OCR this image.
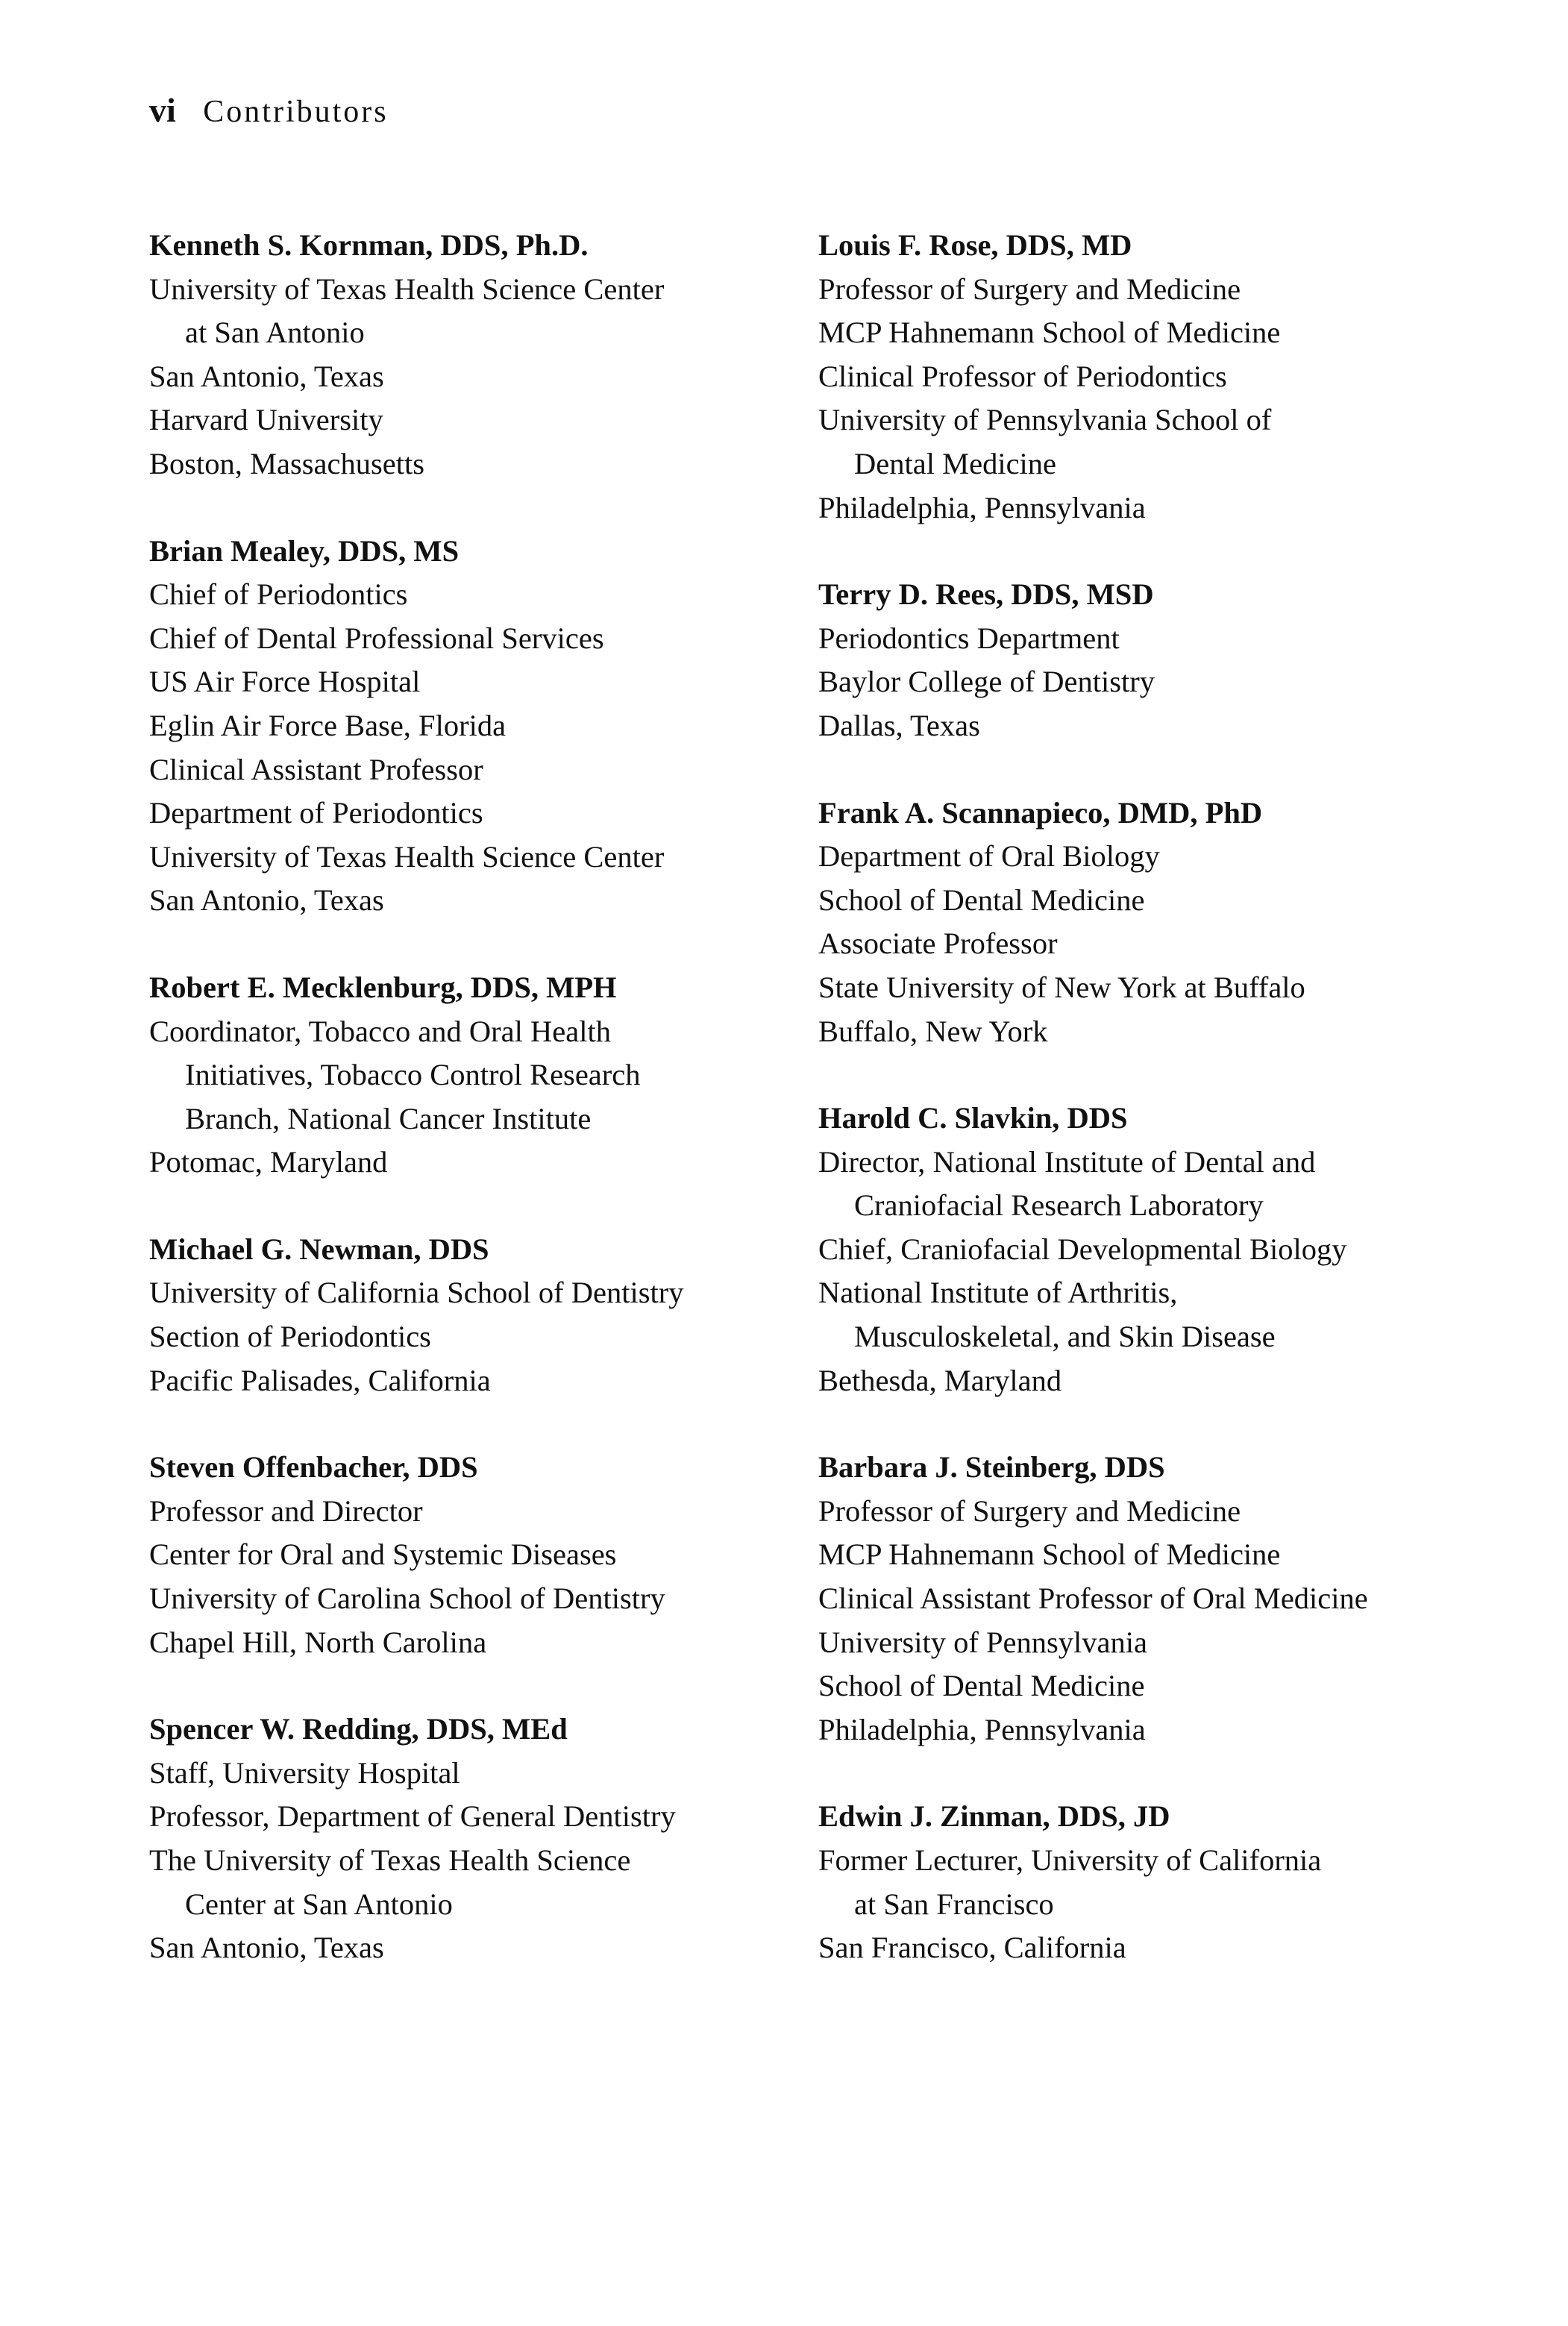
vi Contributors
Kenneth S. Kornman, DDS, Ph.D.
University of Texas Health Science Center
at San Antonio
San Antonio, Texas
Harvard University
Boston, Massachusetts
Brian Mealey, DDS, MS
Chief of Periodontics
Chief of Dental Professional Services
US Air Force Hospital
Eglin Air Force Base, Florida
Clinical Assistant Professor
Department of Periodontics
University of Texas Health Science Center
San Antonio, Texas
Robert E. Mecklenburg, DDS, MPH
Coordinator, Tobacco and Oral Health
Initiatives, Tobacco Control Research
Branch, National Cancer Institute
Potomac, Maryland
Michael G. Newman, DDS
University of California School of Dentistry
Section of Periodontics
Pacific Palisades, California
Steven Offenbacher, DDS
Professor and Director
Center for Oral and Systemic Diseases
University of Carolina School of Dentistry
Chapel Hill, North Carolina
Spencer W. Redding, DDS, MEd
Staff, University Hospital
Professor, Department of General Dentistry
The University of Texas Health Science
Center at San Antonio
San Antonio, Texas
Louis F. Rose, DDS, MD
Professor of Surgery and Medicine
MCP Hahnemann School of Medicine
Clinical Professor of Periodontics
University of Pennsylvania School of
Dental Medicine
Philadelphia, Pennsylvania
Terry D. Rees, DDS, MSD
Periodontics Department
Baylor College of Dentistry
Dallas, Texas
Frank A. Scannapieco, DMD, PhD
Department of Oral Biology
School of Dental Medicine
Associate Professor
State University of New York at Buffalo
Buffalo, New York
Harold C. Slavkin, DDS
Director, National Institute of Dental and
Craniofacial Research Laboratory
Chief, Craniofacial Developmental Biology
National Institute of Arthritis,
Musculoskeletal, and Skin Disease
Bethesda, Maryland
Barbara J. Steinberg, DDS
Professor of Surgery and Medicine
MCP Hahnemann School of Medicine
Clinical Assistant Professor of Oral Medicine
University of Pennsylvania
School of Dental Medicine
Philadelphia, Pennsylvania
Edwin J. Zinman, DDS, JD
Former Lecturer, University of California
at San Francisco
San Francisco, California
